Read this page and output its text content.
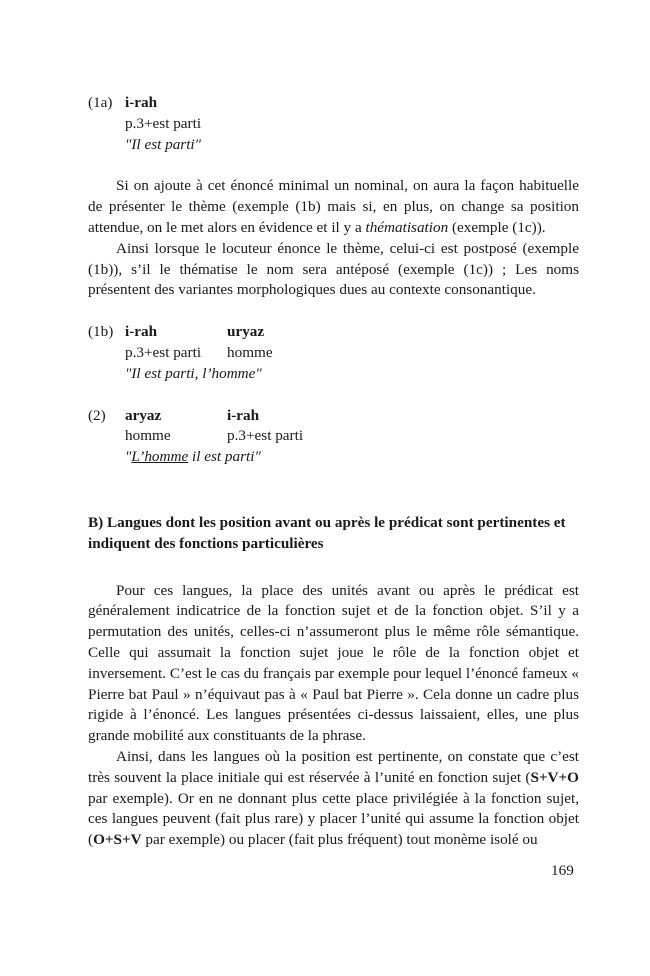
(1a) i-rah
p.3+est parti
"Il est parti"

Si on ajoute à cet énoncé minimal un nominal, on aura la façon habituelle de présenter le thème (exemple (1b) mais si, en plus, on change sa position attendue, on le met alors en évidence et il y a thématisation (exemple (1c)).

Ainsi lorsque le locuteur énonce le thème, celui-ci est postposé (exemple (1b)), s’il le thématise le nom sera antéposé (exemple (1c)) ; Les noms présentent des variantes morphologiques dues au contexte consonantique.

(1b) i-rah	uryaz
p.3+est parti	homme
"Il est parti, l’homme"
(2)	aryaz	i-rah
homme	p.3+est parti
"L’homme il est parti"
B) Langues dont les position avant ou après le prédicat sont pertinentes et indiquent des fonctions particulières

Pour ces langues, la place des unités avant ou après le prédicat est généralement indicatrice de la fonction sujet et de la fonction objet. S’il y a permutation des unités, celles-ci n’assumeront plus le même rôle sémantique. Celle qui assumait la fonction sujet joue le rôle de la fonction objet et inversement. C’est le cas du français par exemple pour lequel l’énoncé fameux « Pierre bat Paul » n’équivaut pas à « Paul bat Pierre ». Cela donne un cadre plus rigide à l’énoncé. Les langues présentées ci-dessus laissaient, elles, une plus grande mobilité aux constituants de la phrase.

Ainsi, dans les langues où la position est pertinente, on constate que c’est très souvent la place initiale qui est réservée à l’unité en fonction sujet (S+V+O par exemple). Or en ne donnant plus cette place privilégiée à la fonction sujet, ces langues peuvent (fait plus rare) y placer l’unité qui assume la fonction objet (O+S+V par exemple) ou placer (fait plus fréquent) tout monème isolé ou

169
